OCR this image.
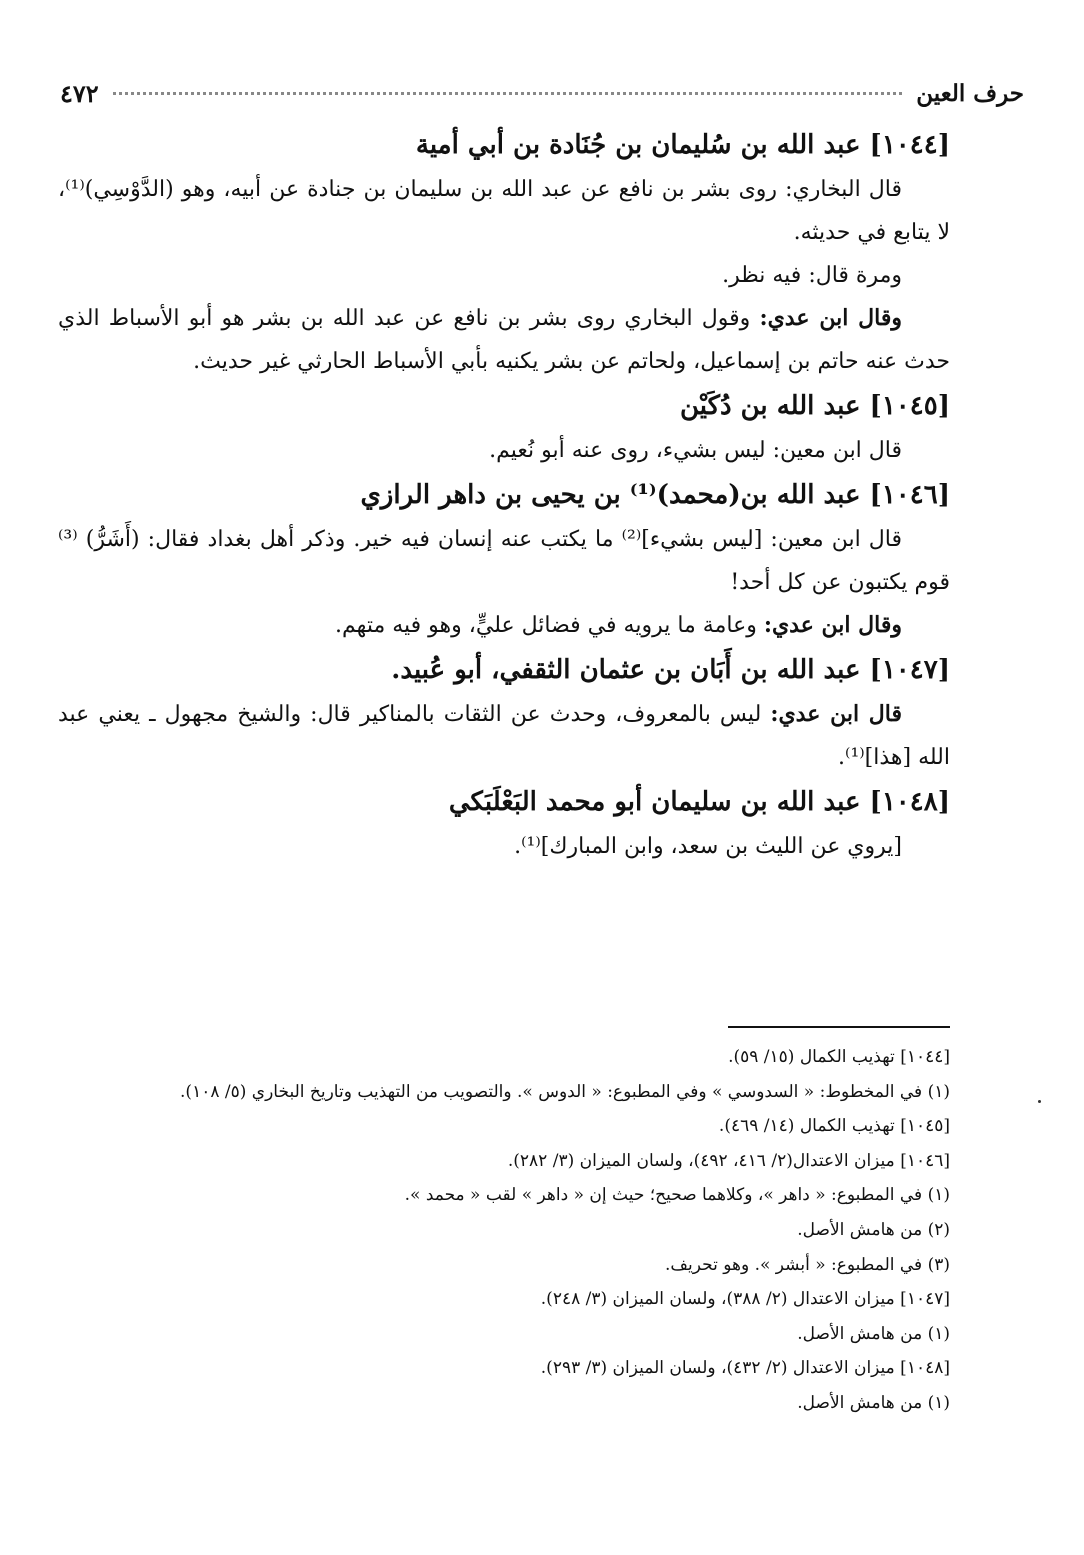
حرف العين
٤٧٢

[١٠٤٤] عبد الله بن سُليمان بن جُنَادة بن أبي أمية

قال البخاري: روى بشر بن نافع عن عبد الله بن سليمان بن جنادة عن أبيه، وهو (الدَّوْسِي)⁽¹⁾، لا يتابع في حديثه.

ومرة قال: فيه نظر.

وقال ابن عدي: وقول البخاري روى بشر بن نافع عن عبد الله بن بشر هو أبو الأسباط الذي حدث عنه حاتم بن إسماعيل، ولحاتم عن بشر يكنيه بأبي الأسباط الحارثي غير حديث.

[١٠٤٥] عبد الله بن دُكَيْن

قال ابن معين: ليس بشيء، روى عنه أبو نُعيم.

[١٠٤٦] عبد الله بن(محمد)⁽¹⁾ بن يحيى بن داهر الرازي

قال ابن معين: [ليس بشيء]⁽²⁾ ما يكتب عنه إنسان فيه خير. وذكر أهل بغداد فقال: (أَشَرُّ) ⁽³⁾ قوم يكتبون عن كل أحد!

وقال ابن عدي: وعامة ما يرويه في فضائل عليٍّ، وهو فيه متهم.

[١٠٤٧] عبد الله بن أَبَان بن عثمان الثقفي، أبو عُبيد.

قال ابن عدي: ليس بالمعروف، وحدث عن الثقات بالمناكير قال: والشيخ مجهول ـ يعني عبد الله [هذا]⁽¹⁾.

[١٠٤٨] عبد الله بن سليمان أبو محمد البَعْلَبَكي

[يروي عن الليث بن سعد، وابن المبارك]⁽¹⁾.

[١٠٤٤] تهذيب الكمال (١٥/ ٥٩).

(١) في المخطوط: « السدوسي » وفي المطبوع: « الدوس ». والتصويب من التهذيب وتاريخ البخاري (٥/ ١٠٨).

[١٠٤٥] تهذيب الكمال (١٤/ ٤٦٩).

[١٠٤٦] ميزان الاعتدال(٢/ ٤١٦، ٤٩٢)، ولسان الميزان (٣/ ٢٨٢).

(١) في المطبوع: « داهر »، وكلاهما صحيح؛ حيث إن « داهر » لقب « محمد ».

(٢) من هامش الأصل.

(٣) في المطبوع: « أبشر ». وهو تحريف.

[١٠٤٧] ميزان الاعتدال (٢/ ٣٨٨)، ولسان الميزان (٣/ ٢٤٨).

(١) من هامش الأصل.

[١٠٤٨] ميزان الاعتدال (٢/ ٤٣٢)، ولسان الميزان (٣/ ٢٩٣).

(١) من هامش الأصل.
